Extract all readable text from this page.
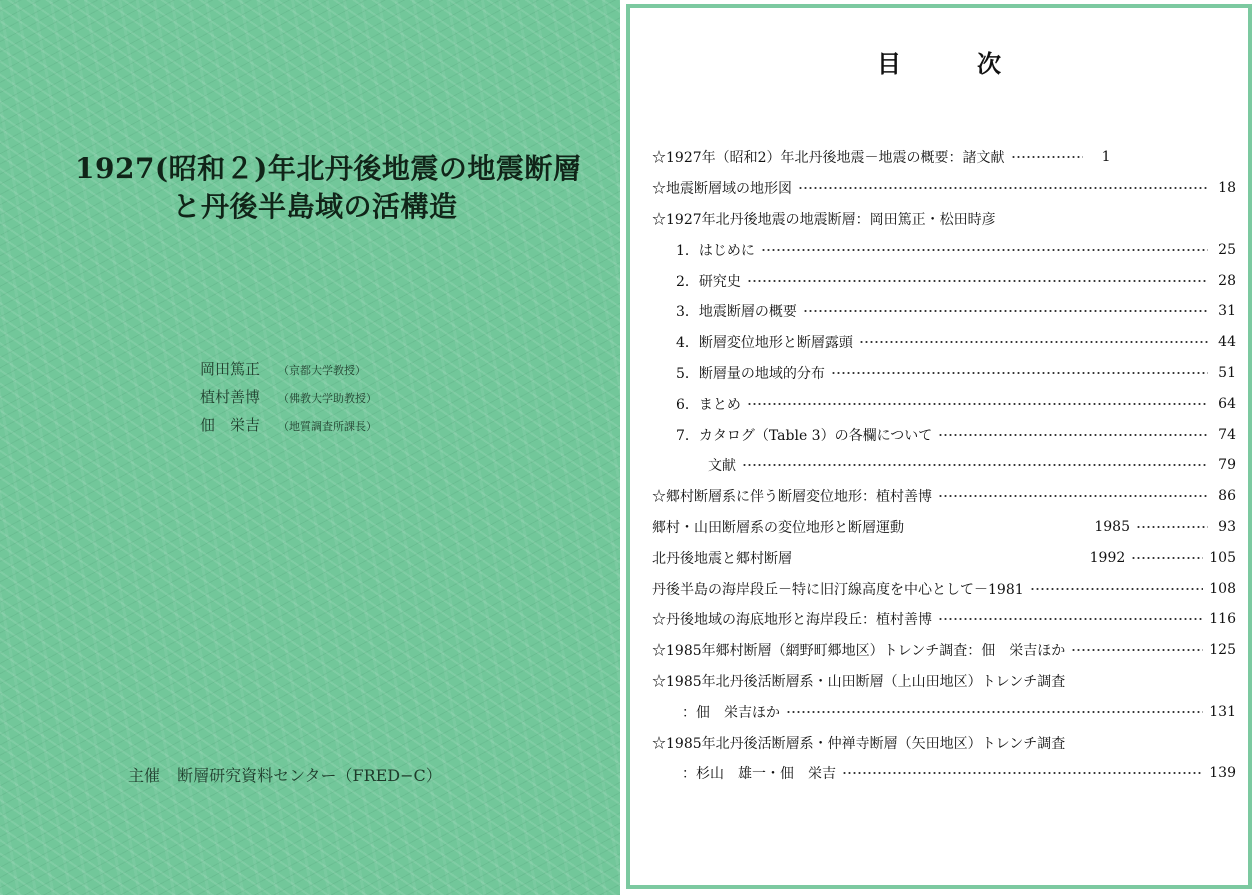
1927(昭和２)年北丹後地震の地震断層
と丹後半島域の活構造
岡田篤正	（京都大学教授）
植村善博	（佛教大学助教授）
佃　栄吉	（地質調査所課長）
主催 断層研究資料センター（FRED−C）
目次
☆1927年（昭和2）年北丹後地震－地震の概要：諸文献	1
☆地震断層域の地形図	18
☆1927年北丹後地震の地震断層：岡田篤正・松田時彦
1．はじめに	25
2．研究史	28
3．地震断層の概要	31
4．断層変位地形と断層露頭	44
5．断層量の地域的分布	51
6．まとめ	64
7．カタログ（Table 3）の各欄について	74
文献	79
☆郷村断層系に伴う断層変位地形：植村善博	86
郷村・山田断層系の変位地形と断層運動	1985	93
北丹後地震と郷村断層	1992	105
丹後半島の海岸段丘－特に旧汀線高度を中心として－1981	108
☆丹後地域の海底地形と海岸段丘：植村善博	116
☆1985年郷村断層（網野町郷地区）トレンチ調査：佃　栄吉ほか	125
☆1985年北丹後活断層系・山田断層（上山田地区）トレンチ調査
：佃　栄吉ほか	131
☆1985年北丹後活断層系・仲禅寺断層（矢田地区）トレンチ調査
：杉山　雄一・佃　栄吉	139
